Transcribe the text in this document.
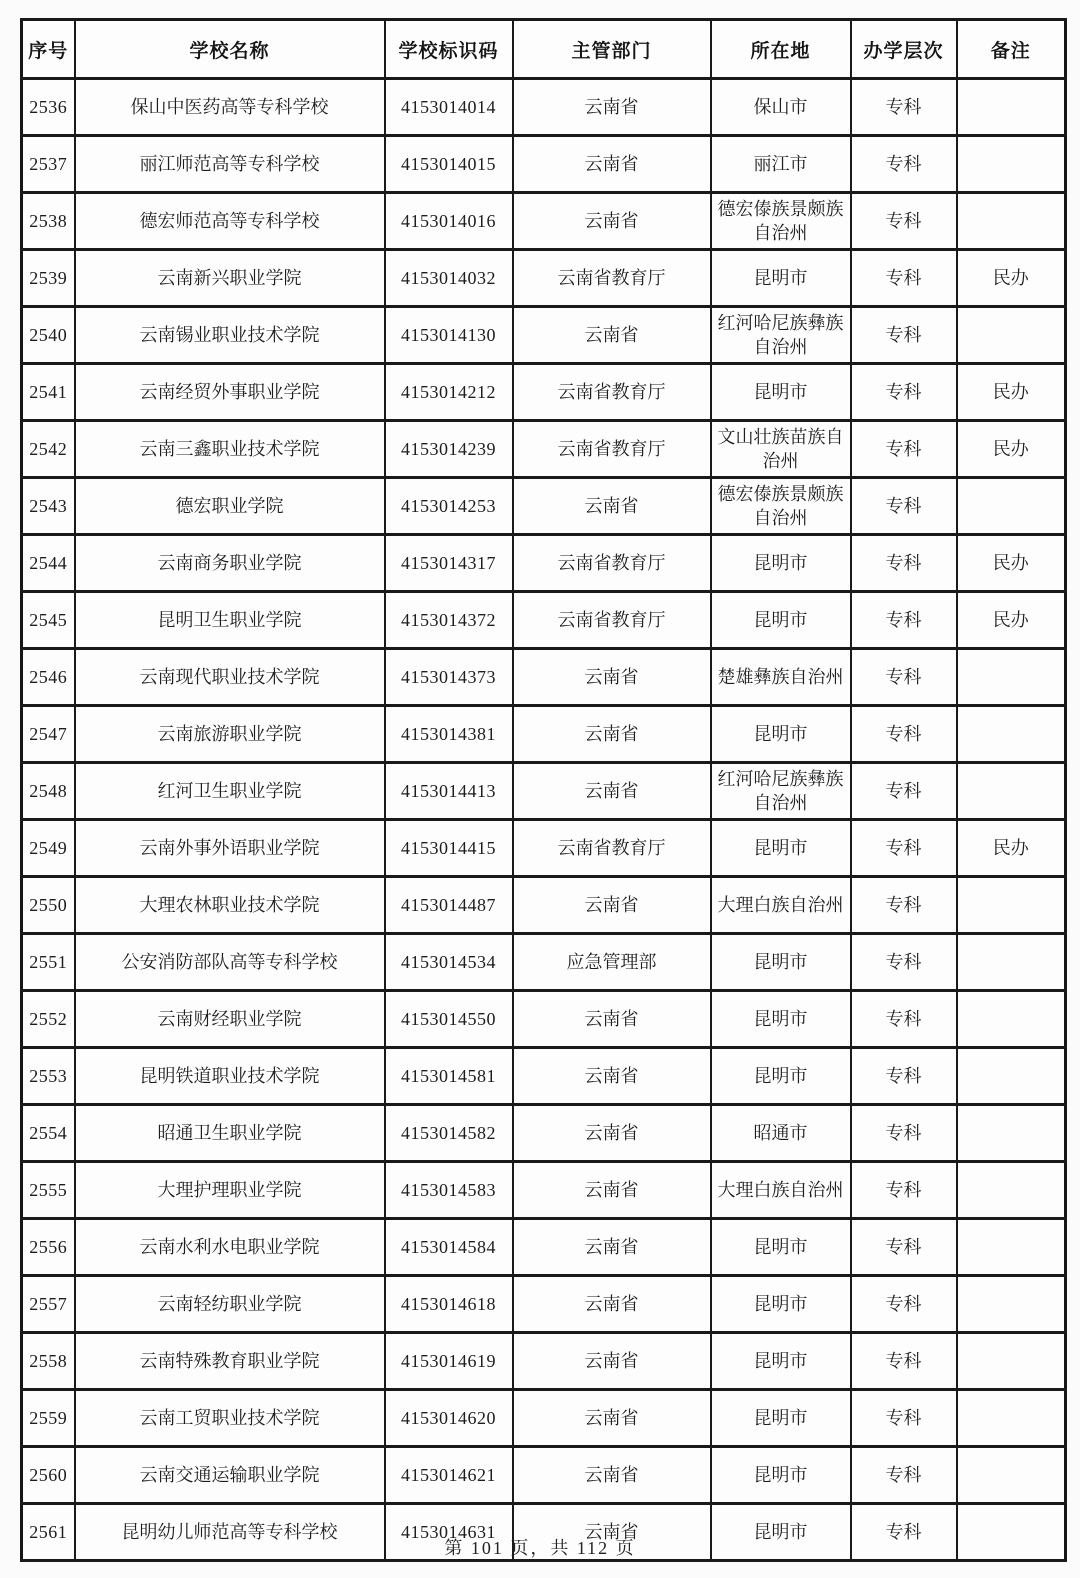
序号	学校名称	学校标识码	主管部门	所在地	办学层次	备注
2536	保山中医药高等专科学校	4153014014	云南省	保山市	专科	
2537	丽江师范高等专科学校	4153014015	云南省	丽江市	专科	
2538	德宏师范高等专科学校	4153014016	云南省	德宏傣族景颇族自治州	专科	
2539	云南新兴职业学院	4153014032	云南省教育厅	昆明市	专科	民办
2540	云南锡业职业技术学院	4153014130	云南省	红河哈尼族彝族自治州	专科	
2541	云南经贸外事职业学院	4153014212	云南省教育厅	昆明市	专科	民办
2542	云南三鑫职业技术学院	4153014239	云南省教育厅	文山壮族苗族自治州	专科	民办
2543	德宏职业学院	4153014253	云南省	德宏傣族景颇族自治州	专科	
2544	云南商务职业学院	4153014317	云南省教育厅	昆明市	专科	民办
2545	昆明卫生职业学院	4153014372	云南省教育厅	昆明市	专科	民办
2546	云南现代职业技术学院	4153014373	云南省	楚雄彝族自治州	专科	
2547	云南旅游职业学院	4153014381	云南省	昆明市	专科	
2548	红河卫生职业学院	4153014413	云南省	红河哈尼族彝族自治州	专科	
2549	云南外事外语职业学院	4153014415	云南省教育厅	昆明市	专科	民办
2550	大理农林职业技术学院	4153014487	云南省	大理白族自治州	专科	
2551	公安消防部队高等专科学校	4153014534	应急管理部	昆明市	专科	
2552	云南财经职业学院	4153014550	云南省	昆明市	专科	
2553	昆明铁道职业技术学院	4153014581	云南省	昆明市	专科	
2554	昭通卫生职业学院	4153014582	云南省	昭通市	专科	
2555	大理护理职业学院	4153014583	云南省	大理白族自治州	专科	
2556	云南水利水电职业学院	4153014584	云南省	昆明市	专科	
2557	云南轻纺职业学院	4153014618	云南省	昆明市	专科	
2558	云南特殊教育职业学院	4153014619	云南省	昆明市	专科	
2559	云南工贸职业技术学院	4153014620	云南省	昆明市	专科	
2560	云南交通运输职业学院	4153014621	云南省	昆明市	专科	
2561	昆明幼儿师范高等专科学校	4153014631	云南省	昆明市	专科	
第 101 页，共 112 页
